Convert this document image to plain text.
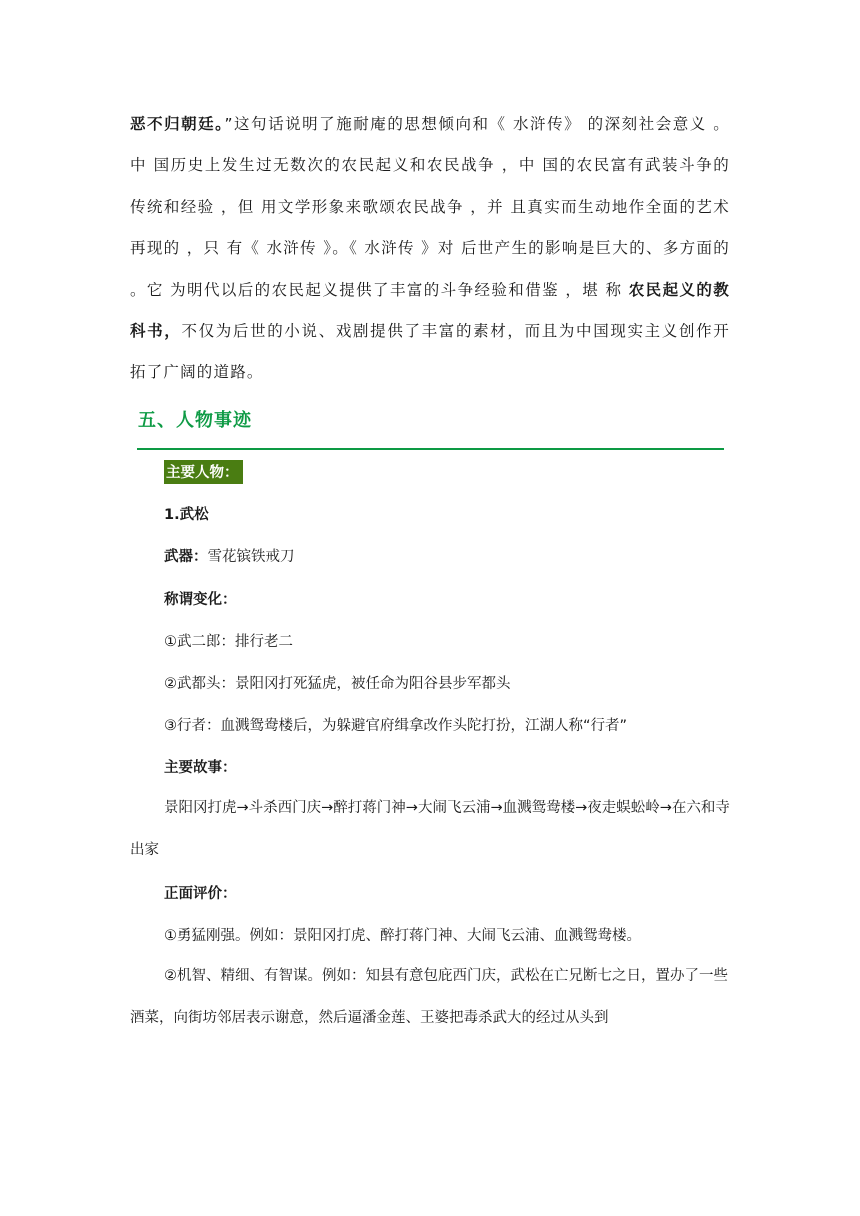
恶不归朝廷。”这句话说明了施耐庵的思想倾向和《 水浒传》 的深刻社会意义 。中 国历史上发生过无数次的农民起义和农民战争 ，中 国的农民富有武装斗争的传统和经验 ，但 用文学形象来歌颂农民战争 ，并 且真实而生动地作全面的艺术再现的 ，只 有《 水浒传 》。《 水浒传 》对 后世产生的影响是巨大的、多方面的 。它 为明代以后的农民起义提供了丰富的斗争经验和借鉴 ，堪 称 农民起义的教科书，不仅为后世的小说、戏剧提供了丰富的素材，而且为中国现实主义创作开拓了广阔的道路。

五、人物事迹
主要人物：
1.武松
武器：雪花镔铁戒刀
称谓变化：
①武二郎：排行老二
②武都头：景阳冈打死猛虎，被任命为阳谷县步军都头
③行者：血溅鸳鸯楼后，为躲避官府缉拿改作头陀打扮，江湖人称“行者”
主要故事：

景阳冈打虎→斗杀西门庆→醉打蒋门神→大闹飞云浦→血溅鸳鸯楼→夜走蜈蚣岭→在六和寺出家

正面评价：
①勇猛刚强。例如：景阳冈打虎、醉打蒋门神、大闹飞云浦、血溅鸳鸯楼。

②机智、精细、有智谋。例如：知县有意包庇西门庆，武松在亡兄断七之日，置办了一些酒菜，向街坊邻居表示谢意，然后逼潘金莲、王婆把毒杀武大的经过从头到
